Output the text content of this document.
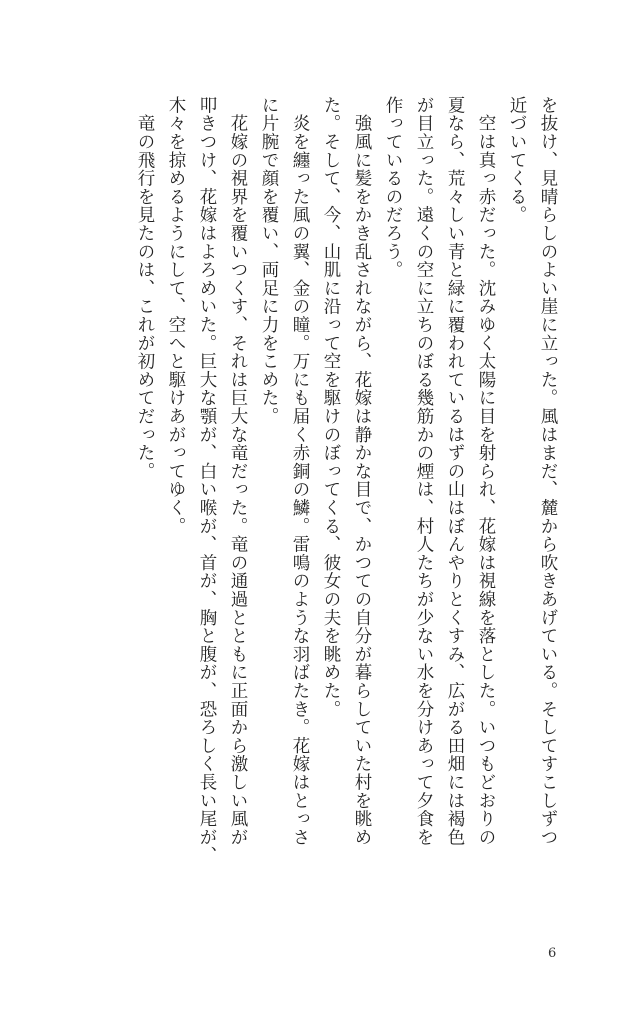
を抜け、見晴らしのよい崖に立った。風はまだ、麓から吹きあげている。そしてすこしずつ
近づいてくる。
　空は真っ赤だった。沈みゆく太陽に目を射られ、花嫁は視線を落とした。いつもどおりの
夏なら、荒々しい青と緑に覆われているはずの山はぼんやりとくすみ、広がる田畑には褐色
が目立った。遠くの空に立ちのぼる幾筋かの煙は、村人たちが少ない水を分けあって夕食を
作っているのだろう。
　強風に髪をかき乱されながら、花嫁は静かな目で、かつての自分が暮らしていた村を眺め
た。そして、今、山肌に沿って空を駆けのぼってくる、彼女の夫を眺めた。
　炎を纏った風の翼、金の瞳。万にも届く赤銅の鱗。雷鳴のような羽ばたき。花嫁はとっさ
に片腕で顔を覆い、両足に力をこめた。
　花嫁の視界を覆いつくす、それは巨大な竜だった。竜の通過とともに正面から激しい風が
叩きつけ、花嫁はよろめいた。巨大な顎が、白い喉が、首が、胸と腹が、恐ろしく長い尾が、
木々を掠めるようにして、空へと駆けあがってゆく。
　竜の飛行を見たのは、これが初めてだった。
6
